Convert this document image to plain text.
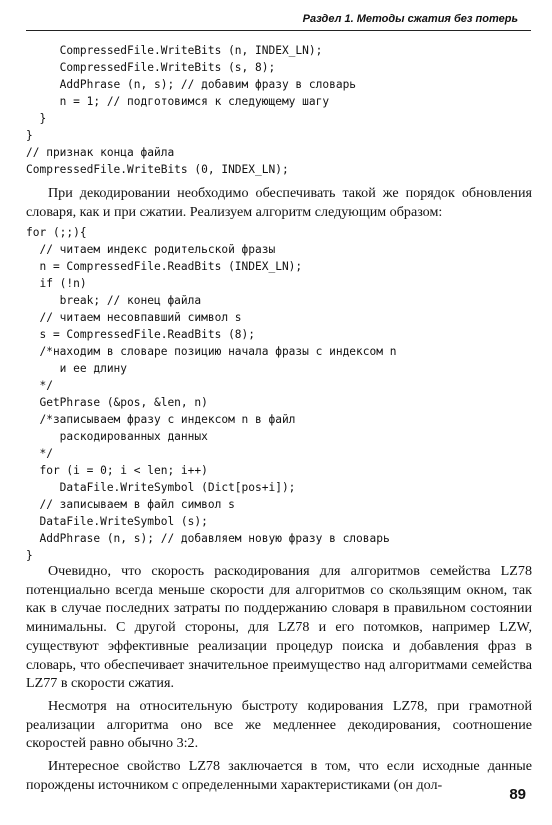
Раздел 1. Методы сжатия без потерь
CompressedFile.WriteBits (n, INDEX_LN);
CompressedFile.WriteBits (s, 8);
AddPhrase (n, s); // добавим фразу в словарь
n = 1; // подготовимся к следующему шагу
}
}
// признак конца файла
CompressedFile.WriteBits (0, INDEX_LN);

При декодировании необходимо обеспечивать такой же порядок обновления словаря, как и при сжатии. Реализуем алгоритм следующим образом:

for (;;){
// читаем индекс родительской фразы
n = CompressedFile.ReadBits (INDEX_LN);
if (!n)
break; // конец файла
// читаем несовпавший символ s
s = CompressedFile.ReadBits (8);
/*находим в словаре позицию начала фразы с индексом n
и ее длину
*/
GetPhrase (&pos, &len, n)
/*записываем фразу с индексом n в файл
раскодированных данных
*/
for (i = 0; i < len; i++)
DataFile.WriteSymbol (Dict[pos+i]);
// записываем в файл символ s
DataFile.WriteSymbol (s);
AddPhrase (n, s); // добавляем новую фразу в словарь
}

Очевидно, что скорость раскодирования для алгоритмов семейства LZ78 потенциально всегда меньше скорости для алгоритмов со скользящим окном, так как в случае последних затраты по поддержанию словаря в правильном состоянии минимальны. С другой стороны, для LZ78 и его потомков, например LZW, существуют эффективные реализации процедур поиска и добавления фраз в словарь, что обеспечивает значительное преимущество над алгоритмами семейства LZ77 в скорости сжатия.

Несмотря на относительную быстроту кодирования LZ78, при грамотной реализации алгоритма оно все же медленнее декодирования, соотношение скоростей равно обычно 3:2.

Интересное свойство LZ78 заключается в том, что если исходные данные порождены источником с определенными характеристиками (он дол-

89
